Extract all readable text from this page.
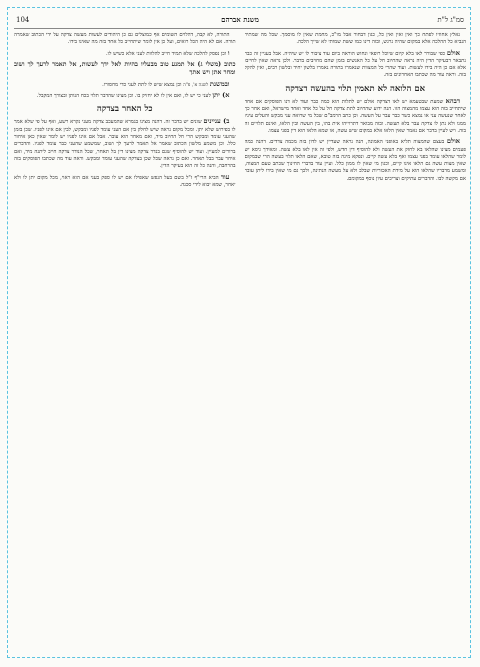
סמ"ג ל"ת
משנת אברהם
104

נאלץ אחוזיו לפתח כך ואין ואין ואין כל, כגון דבחור אבל מו"כ, מחמת שאין לו מוסמך. שכל מה שמתיר הנביא כל ההלכה אלא במקום שהיה נרגש, ובזה דינו כמו ששת שמותי לא שייך הלכה.

אולם כפי שבורר לאו בלא קיום שיוכל רופאי ונחוש הוראה ביום עוד ציבור לו יש שיהיה. אבל בעניין זה כבר נתבאר דבעיקר הדין היה נראה שהחיוב חל על כל האנשים בזמן שהם מחויבים בדבר. ולכן נראה שאין לחייבו אלא אם כן היה בידו לעשות. ועוד שהרי כל המצוות שנאמרו בתורה נאמרו בלשון יחיד ובלשון רבים, ואין להקל בזה. וראה עוד מה שכתבו האחרונים בזה.

אם הלואה לא תאמין תלוי בהעשה דצדקה

דבהא שמעת שבטעמא יש לאו דצדקה אולם יש לתלות הוא כמה כבר ועוד לא דנו הפוסקים אם אחד שיתחייב בזה הוא עצמו מהמצוה הזו. הנה ידוע שהחיוב לתת צדקה חל על כל אחד ואחד מישראל, ואם אחר כך לאחר שנעשה עני או נמצא כשר כבר עבר על העשה. וכן כתב הרמב"ם שכל מי שרואה עני מבקש והעלים עיניו ממנו ולא נתן לו צדקה עבר בלא תעשה. ובזה מבואר דתרוייהו אית בהו, בין העשה ובין הלאו, ואינם תלויים זה בזה. ויש לעיין בדבר אם נאמר שאין הלאו אלא במקום שיש עשה, או שמא הלאו הוא דין בפני עצמו.

אולם בעצם שהמצוה תליא באופני האמונה, הנה נראה שעדיין יש לדון בזה מכמה צדדים. דהנה כמה פעמים מצינו שהלאו בא לחזק את העשה ולא להוסיף דין חדש, ולפי זה אין לאו בלא עשה. ומאידך גיסא יש לומר שהלאו עומד בפני עצמו ואף בלא עשה קיים. ונפקא מינה בזה טובא, שאם הלאו תלוי בעשה הרי שבמקום שאין מצות עשה גם הלאו אינו קיים, וכגון מי שאין לו ממון כלל. ועיין עוד בדברי החינוך שכתב טעם המצוה, ומשמע מדבריו שהלאו הוא על מידת האכזריות שבלב ולא על מעשה הנתינה, ולכך גם מי שאין בידו ליתן עובר אם מקשה לבו. והדברים עתיקים וצריכים עיון נוסף במקומם.

התורה, לא קבה, דהלוים השומים אף כמוצלים גם כן היהודים לעשות מעשה צדקה על ידי הכתוב שאמרה תורה. אם לא היה הכל רואים, ועל כן אין לומר שיתחייב כל אחד בזה מה שאינו בידו.

ו וכן נפסק להלכה שלא תמיד חייב להלוות לעני אלא כשיש לו.

כתוב (משלי ג) אל תמנע טוב מבעליו בהיות לאל ידך לעשות, אל תאמר לרעך לך ושוב ומחר אתן ויש אתך

ובמשנת לשנה א', פ"ה וכן נמצא שיש לו לתת לעני כדי מחסורו.

א) יתן לעני כי יש לו, ואם אין לו לא יחזיק בו. וכן מצינו שהדבר תלוי בכח הנותן ובצורך המקבל.

כל האחר בצדקה

ב) עניינים שונים יש בדבר זה. דהנה מצינו בגמרא שהמעכב צדקה מעני נקרא רשע, ואף על פי שלא אמר לו בפירוש שלא יתן. ומכל מקום נראה שיש לחלק בין אם העני עומד לפניו ומבקש, לבין אם אינו לפניו. שכן בזמן שהעני עומד ומבקש הרי חל החיוב מיד, ואם מאחר הוא עובר. אבל אם אינו לפניו יש לומר שאין כאן איחור כלל. וכן משמע מלשון הכתוב שאמר אל תאמר לרעך לך ושוב, שמשמע שהעני כבר עומד לפניו. והדברים ברורים למעיין. ועוד יש להוסיף שגם בנדר צדקה מצינו דין בל תאחר, שכל הנודר צדקה חייב ליתנה מיד, ואם איחר עבר בבל תאחר. ואם כן נראה שכל שכן בצדקה שהעני עומד ומבקש. וראה עוד מה שכתבו הפוסקים בזה בהרחבה, והנה כל זה הוא בעיקר הדין.

עוד הביא הרי"ף ז"ל בשם בעל הנפש שאפילו אם יש לו ספק בעני אם הוא ראוי, מכל מקום יתן לו ולא יאחר, שמא יבוא לידי סכנה.
